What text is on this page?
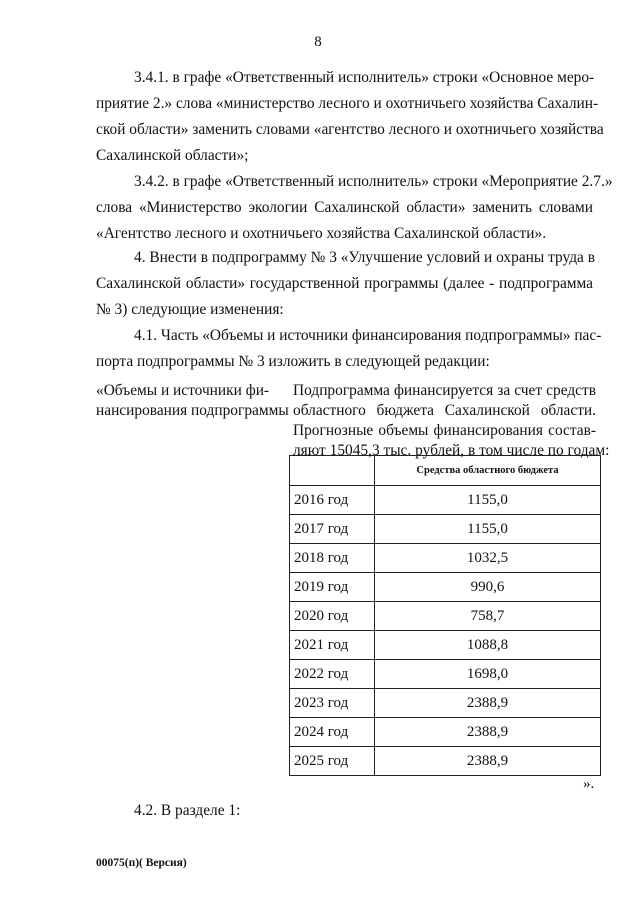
8
3.4.1. в графе «Ответственный исполнитель» строки «Основное меро-
приятие 2.» слова «министерство лесного и охотничьего хозяйства Сахалин-
ской области» заменить словами «агентство лесного и охотничьего хозяйства
Сахалинской области»;
3.4.2. в графе «Ответственный исполнитель» строки «Мероприятие 2.7.»
слова «Министерство экологии Сахалинской области» заменить словами
«Агентство лесного и охотничьего хозяйства Сахалинской области».
4. Внести в подпрограмму № 3 «Улучшение условий и охраны труда в
Сахалинской области» государственной программы (далее - подпрограмма
№ 3) следующие изменения:
4.1. Часть «Объемы и источники финансирования подпрограммы» пас-
порта подпрограммы № 3 изложить в следующей редакции:
«Объемы и источники фи-
нансирования подпрограммы
Подпрограмма финансируется за счет средств
областного бюджета Сахалинской области.
Прогнозные объемы финансирования состав-
ляют 15045,3 тыс. рублей, в том числе по годам:
	Средства областного бюджета
2016 год	1155,0
2017 год	1155,0
2018 год	1032,5
2019 год	990,6
2020 год	758,7
2021 год	1088,8
2022 год	1698,0
2023 год	2388,9
2024 год	2388,9
2025 год	2388,9
».
4.2. В разделе 1:
00075(п)( Версия)
